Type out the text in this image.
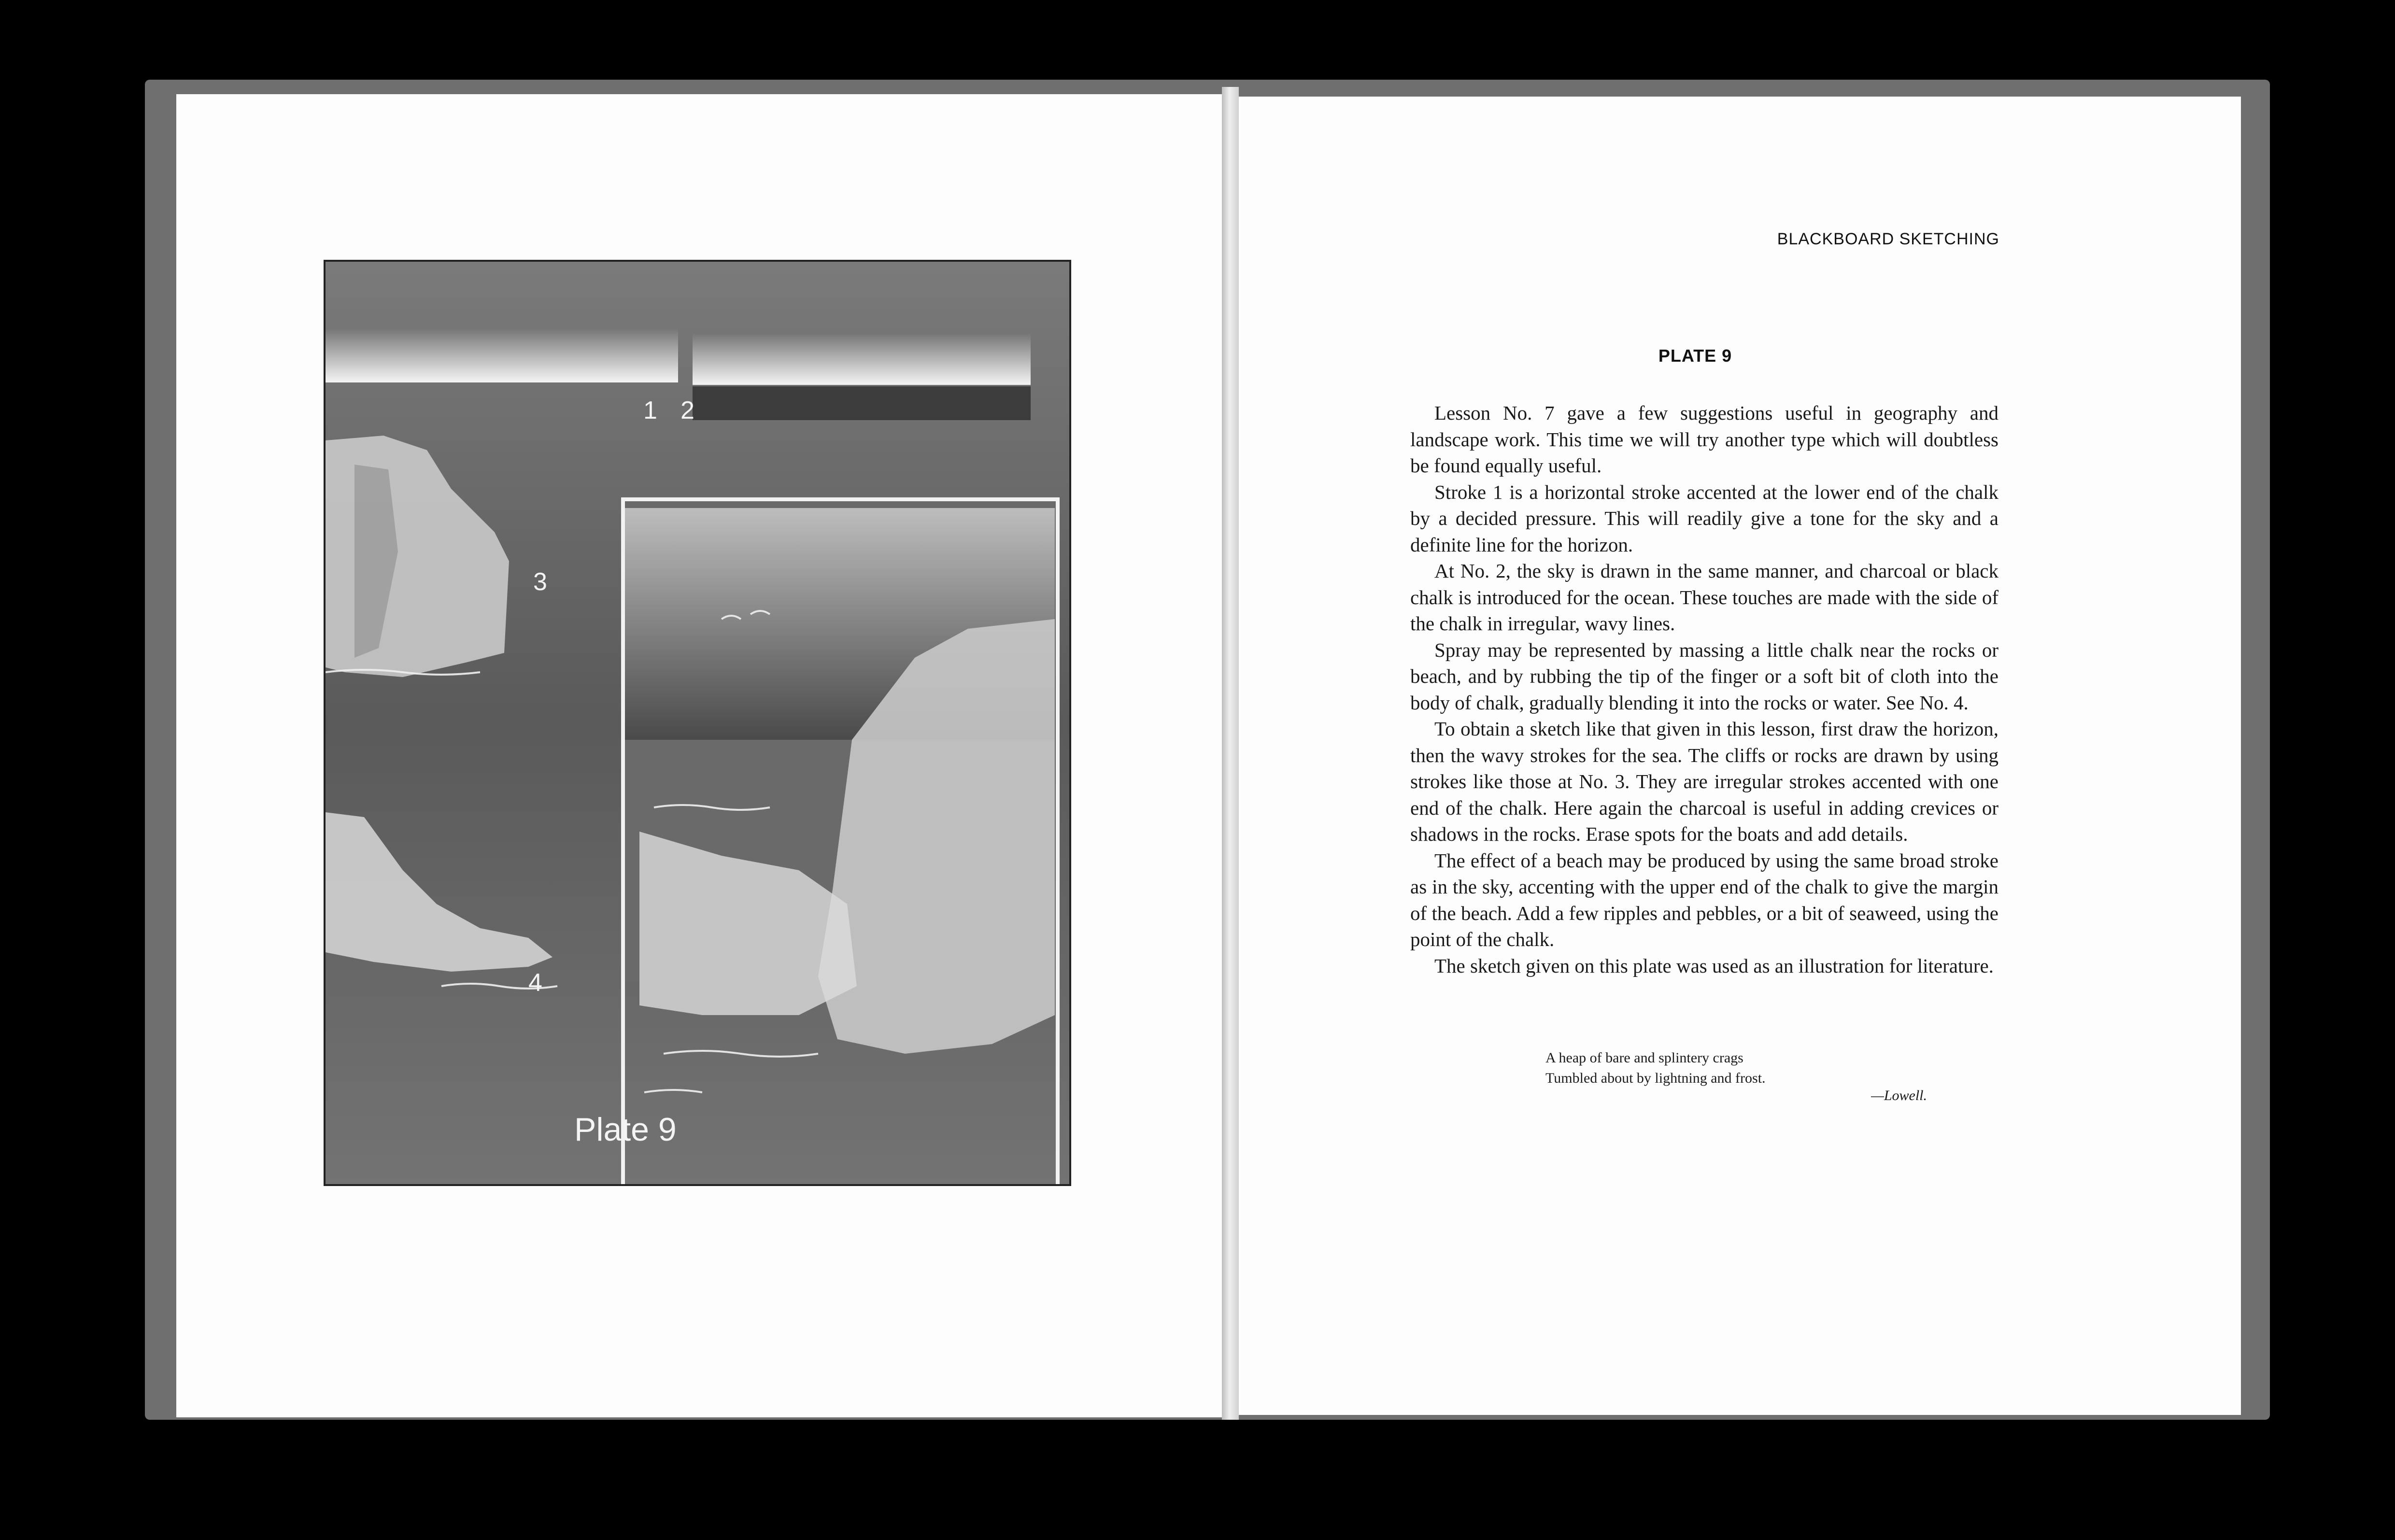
1 2
3
4
Plate 9

BLACKBOARD SKETCHING

PLATE 9

Lesson No. 7 gave a few suggestions useful in geography and landscape work. This time we will try another type which will doubtless be found equally useful.

Stroke 1 is a horizontal stroke accented at the lower end of the chalk by a decided pressure. This will readily give a tone for the sky and a definite line for the horizon.

At No. 2, the sky is drawn in the same manner, and charcoal or black chalk is introduced for the ocean. These touches are made with the side of the chalk in irregular, wavy lines.

Spray may be represented by massing a little chalk near the rocks or beach, and by rubbing the tip of the finger or a soft bit of cloth into the body of chalk, gradually blending it into the rocks or water. See No. 4.

To obtain a sketch like that given in this lesson, first draw the horizon, then the wavy strokes for the sea. The cliffs or rocks are drawn by using strokes like those at No. 3. They are irregular strokes accented with one end of the chalk. Here again the charcoal is useful in adding crevices or shadows in the rocks. Erase spots for the boats and add details.

The effect of a beach may be produced by using the same broad stroke as in the sky, accenting with the upper end of the chalk to give the margin of the beach. Add a few ripples and pebbles, or a bit of seaweed, using the point of the chalk.

The sketch given on this plate was used as an illustration for literature.

A heap of bare and splintery crags
Tumbled about by lightning and frost.
—Lowell.
